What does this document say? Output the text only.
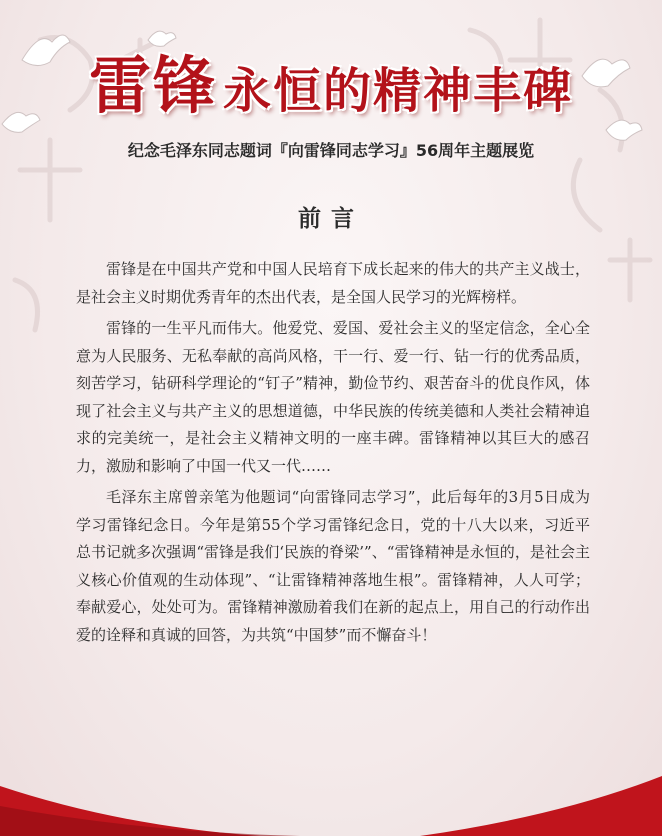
雷锋 永恒的精神丰碑
纪念毛泽东同志题词『向雷锋同志学习』56周年主题展览
前言

雷锋是在中国共产党和中国人民培育下成长起来的伟大的共产主义战士，是社会主义时期优秀青年的杰出代表，是全国人民学习的光辉榜样。

雷锋的一生平凡而伟大。他爱党、爱国、爱社会主义的坚定信念，全心全意为人民服务、无私奉献的高尚风格，干一行、爱一行、钻一行的优秀品质，刻苦学习，钻研科学理论的“钉子”精神，勤俭节约、艰苦奋斗的优良作风，体现了社会主义与共产主义的思想道德，中华民族的传统美德和人类社会精神追求的完美统一，是社会主义精神文明的一座丰碑。雷锋精神以其巨大的感召力，激励和影响了中国一代又一代……

毛泽东主席曾亲笔为他题词“向雷锋同志学习”，此后每年的3月5日成为学习雷锋纪念日。今年是第55个学习雷锋纪念日，党的十八大以来，习近平总书记就多次强调“雷锋是我们‘民族的脊梁’”、“雷锋精神是永恒的，是社会主义核心价值观的生动体现”、“让雷锋精神落地生根”。雷锋精神，人人可学；奉献爱心，处处可为。雷锋精神激励着我们在新的起点上，用自己的行动作出爱的诠释和真诚的回答，为共筑“中国梦”而不懈奋斗！
